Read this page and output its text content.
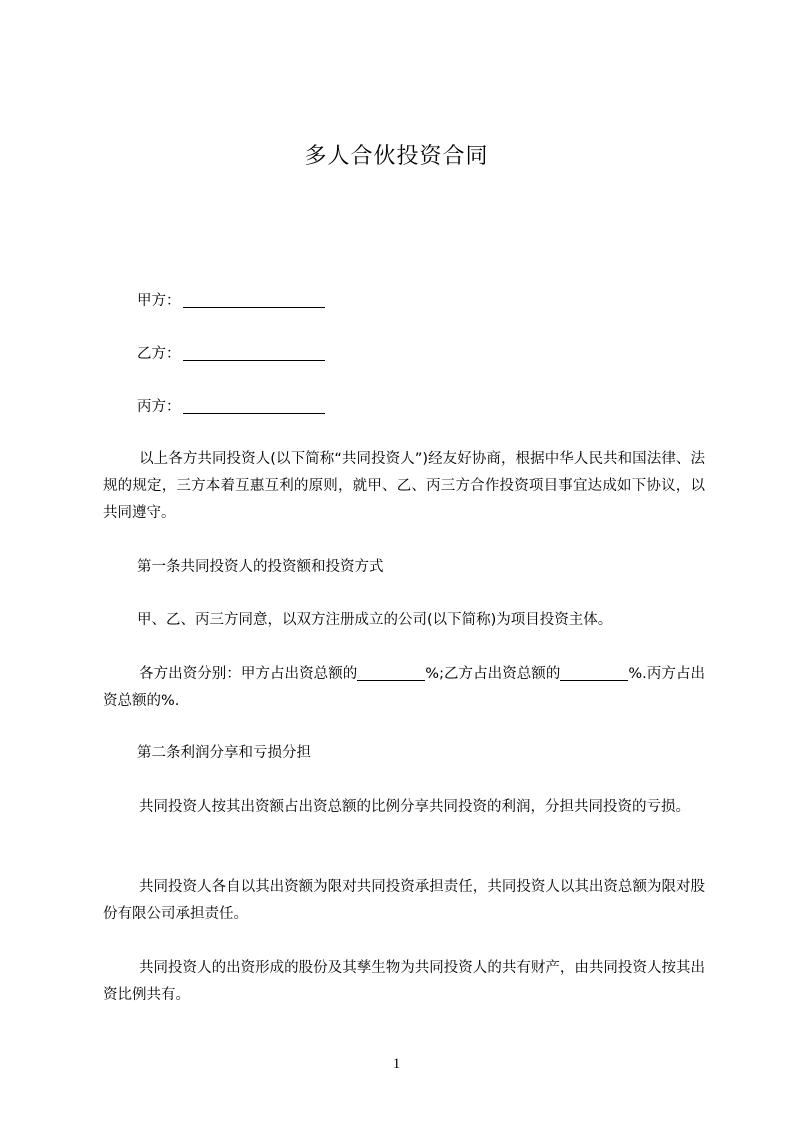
多人合伙投资合同
甲方：
乙方：
丙方：
以上各方共同投资人(以下简称“共同投资人”)经友好协商，根据中华人民共和国法律、法规的规定，三方本着互惠互利的原则，就甲、乙、丙三方合作投资项目事宜达成如下协议，以共同遵守。
第一条共同投资人的投资额和投资方式
甲、乙、丙三方同意，以双方注册成立的公司(以下简称)为项目投资主体。
各方出资分别：甲方占出资总额的	%;乙方占出资总额的	%.丙方占出资总额的%.
第二条利润分享和亏损分担
共同投资人按其出资额占出资总额的比例分享共同投资的利润，分担共同投资的亏损。
共同投资人各自以其出资额为限对共同投资承担责任，共同投资人以其出资总额为限对股份有限公司承担责任。
共同投资人的出资形成的股份及其孳生物为共同投资人的共有财产，由共同投资人按其出资比例共有。
1
